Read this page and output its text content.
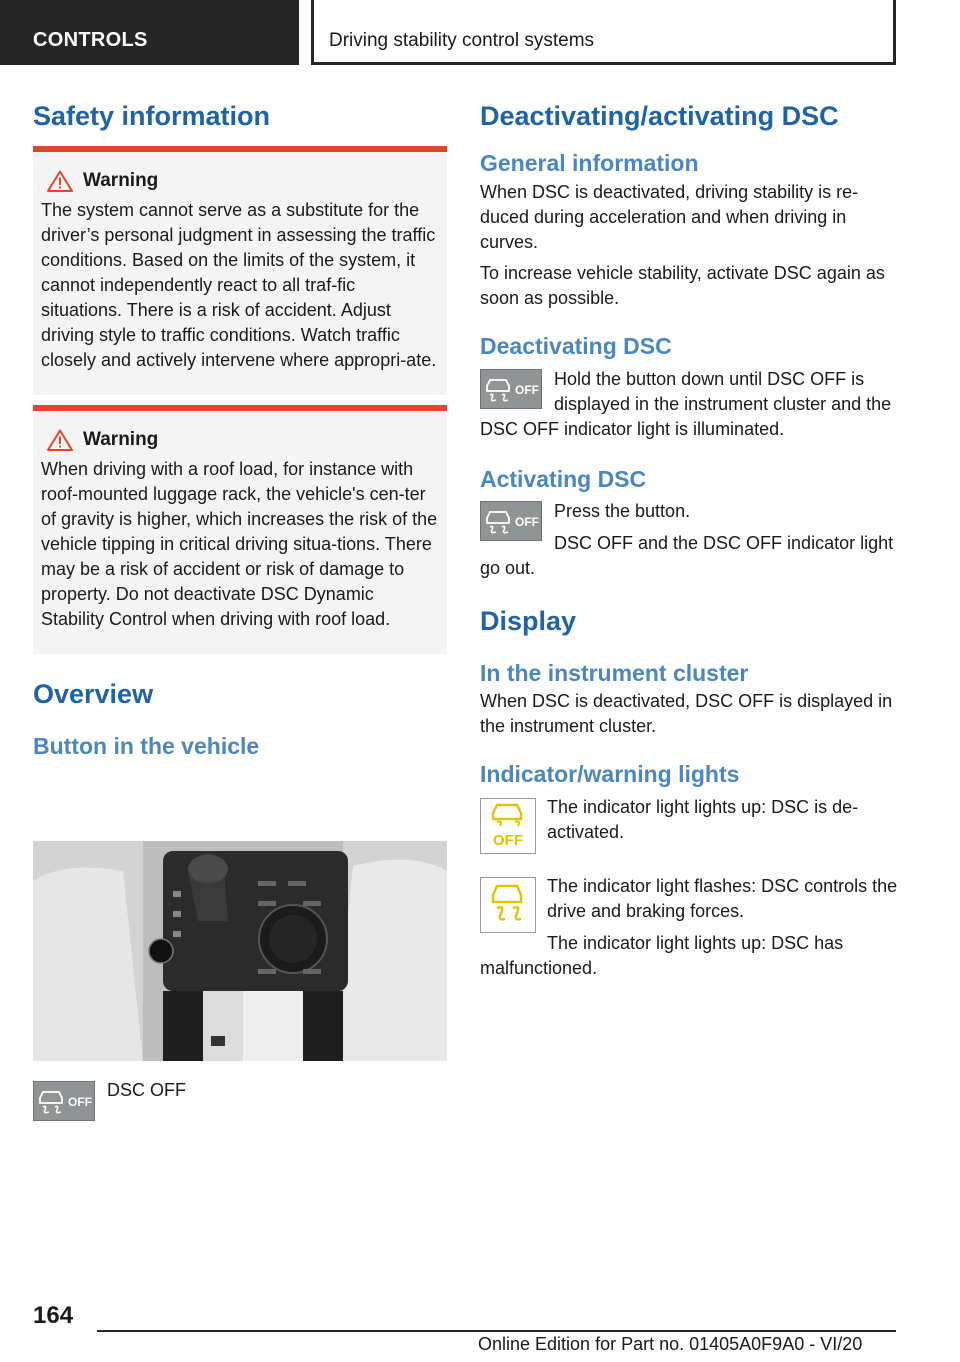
CONTROLS	Driving stability control systems
Safety information
Warning

The system cannot serve as a substitute for the driver’s personal judgment in assessing the traffic conditions. Based on the limits of the system, it cannot independently react to all traf‐fic situations. There is a risk of accident. Adjust driving style to traffic conditions. Watch traffic closely and actively intervene where appropri‐ate.

Warning

When driving with a roof load, for instance with roof-mounted luggage rack, the vehicle's cen‐ter of gravity is higher, which increases the risk of the vehicle tipping in critical driving situa‐tions. There may be a risk of accident or risk of damage to property. Do not deactivate DSC Dynamic Stability Control when driving with roof load.

Overview
Button in the vehicle
OFF

DSC OFF

Deactivating/activating DSC
General information

When DSC is deactivated, driving stability is re‐duced during acceleration and when driving in curves.

To increase vehicle stability, activate DSC again as soon as possible.

Deactivating DSC
OFF

Hold the button down until DSC OFF is displayed in the instrument cluster and the DSC OFF indicator light is illuminated.

Activating DSC
OFF

Press the button.

DSC OFF and the DSC OFF indicator light go out.

Display
In the instrument cluster

When DSC is deactivated, DSC OFF is displayed in the instrument cluster.

Indicator/warning lights
OFF

The indicator light lights up: DSC is de‐activated.

The indicator light flashes: DSC controls the drive and braking forces.

The indicator light lights up: DSC has malfunctioned.

164
Online Edition for Part no. 01405A0F9A0 - VI/20
